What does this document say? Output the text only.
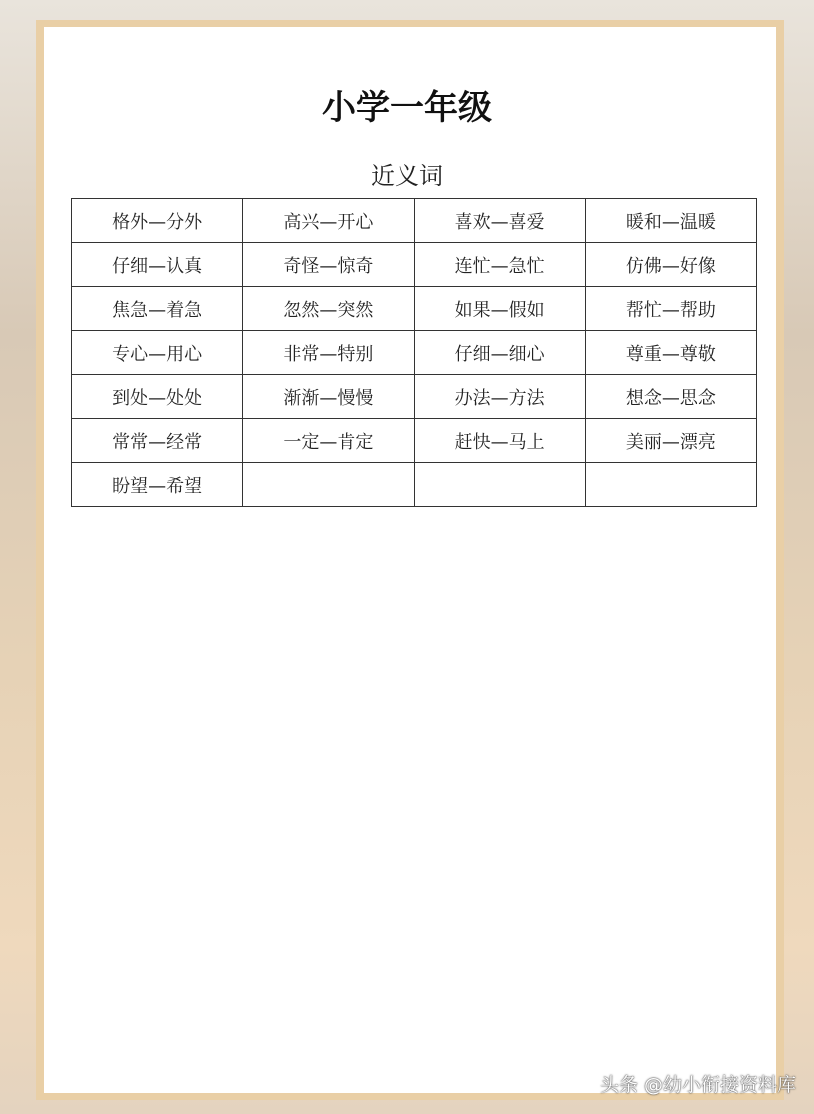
小学一年级
近义词
格外—分外	高兴—开心	喜欢—喜爱	暖和—温暖
仔细—认真	奇怪—惊奇	连忙—急忙	仿佛—好像
焦急—着急	忽然—突然	如果—假如	帮忙—帮助
专心—用心	非常—特别	仔细—细心	尊重—尊敬
到处—处处	渐渐—慢慢	办法—方法	想念—思念
常常—经常	一定—肯定	赶快—马上	美丽—漂亮
盼望—希望			
头条 @幼小衔接资料库
